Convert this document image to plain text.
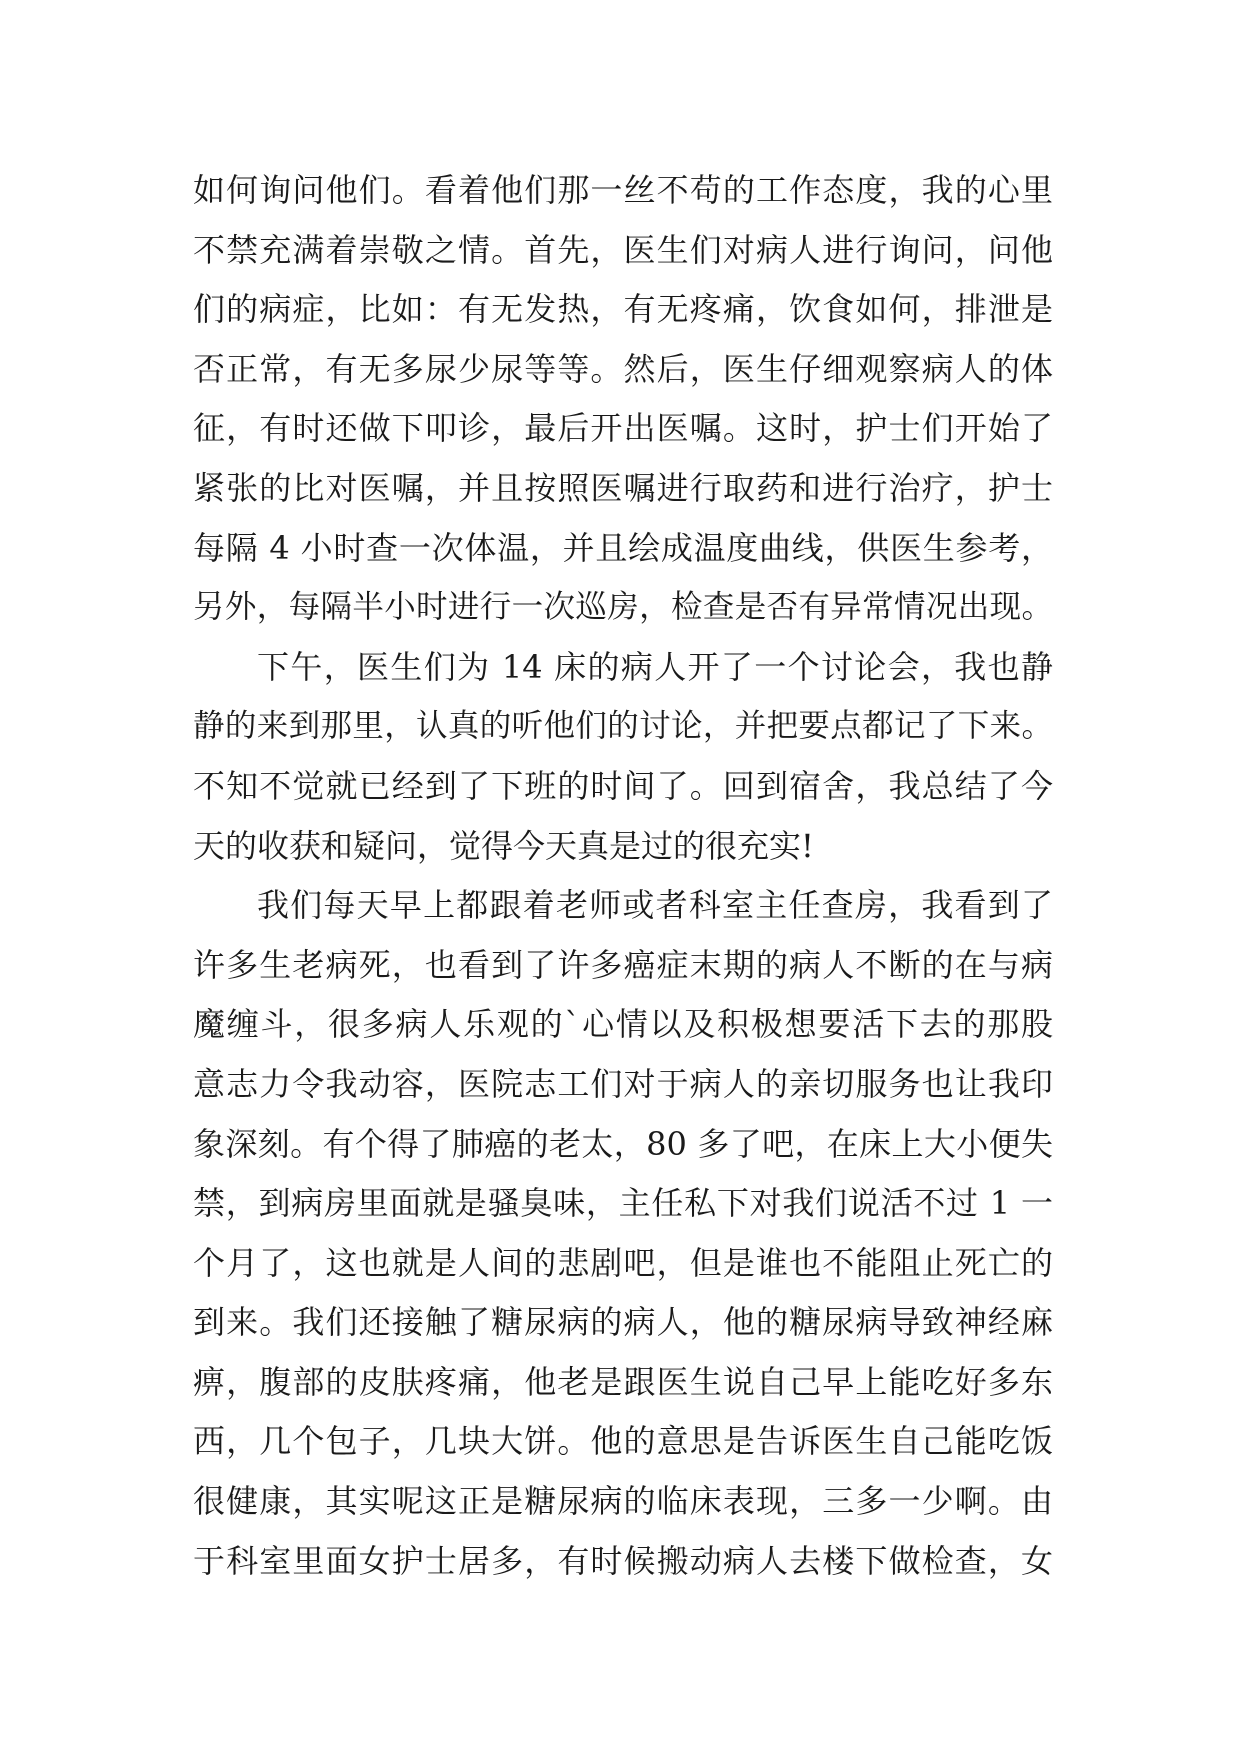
如何询问他们。看着他们那一丝不苟的工作态度，我的心里
不禁充满着崇敬之情。首先，医生们对病人进行询问，问他
们的病症，比如：有无发热，有无疼痛，饮食如何，排泄是
否正常，有无多尿少尿等等。然后，医生仔细观察病人的体
征，有时还做下叩诊，最后开出医嘱。这时，护士们开始了
紧张的比对医嘱，并且按照医嘱进行取药和进行治疗，护士
每隔 4 小时查一次体温，并且绘成温度曲线，供医生参考，
另外，每隔半小时进行一次巡房，检查是否有异常情况出现。
下午，医生们为 14 床的病人开了一个讨论会，我也静
静的来到那里，认真的听他们的讨论，并把要点都记了下来。
不知不觉就已经到了下班的时间了。回到宿舍，我总结了今
天的收获和疑问，觉得今天真是过的很充实!
我们每天早上都跟着老师或者科室主任查房，我看到了
许多生老病死，也看到了许多癌症末期的病人不断的在与病
魔缠斗，很多病人乐观的`心情以及积极想要活下去的那股
意志力令我动容，医院志工们对于病人的亲切服务也让我印
象深刻。有个得了肺癌的老太，80 多了吧，在床上大小便失
禁，到病房里面就是骚臭味，主任私下对我们说活不过 1 一
个月了，这也就是人间的悲剧吧，但是谁也不能阻止死亡的
到来。我们还接触了糖尿病的病人，他的糖尿病导致神经麻
痹，腹部的皮肤疼痛，他老是跟医生说自己早上能吃好多东
西，几个包子，几块大饼。他的意思是告诉医生自己能吃饭
很健康，其实呢这正是糖尿病的临床表现，三多一少啊。由
于科室里面女护士居多，有时候搬动病人去楼下做检查，女
